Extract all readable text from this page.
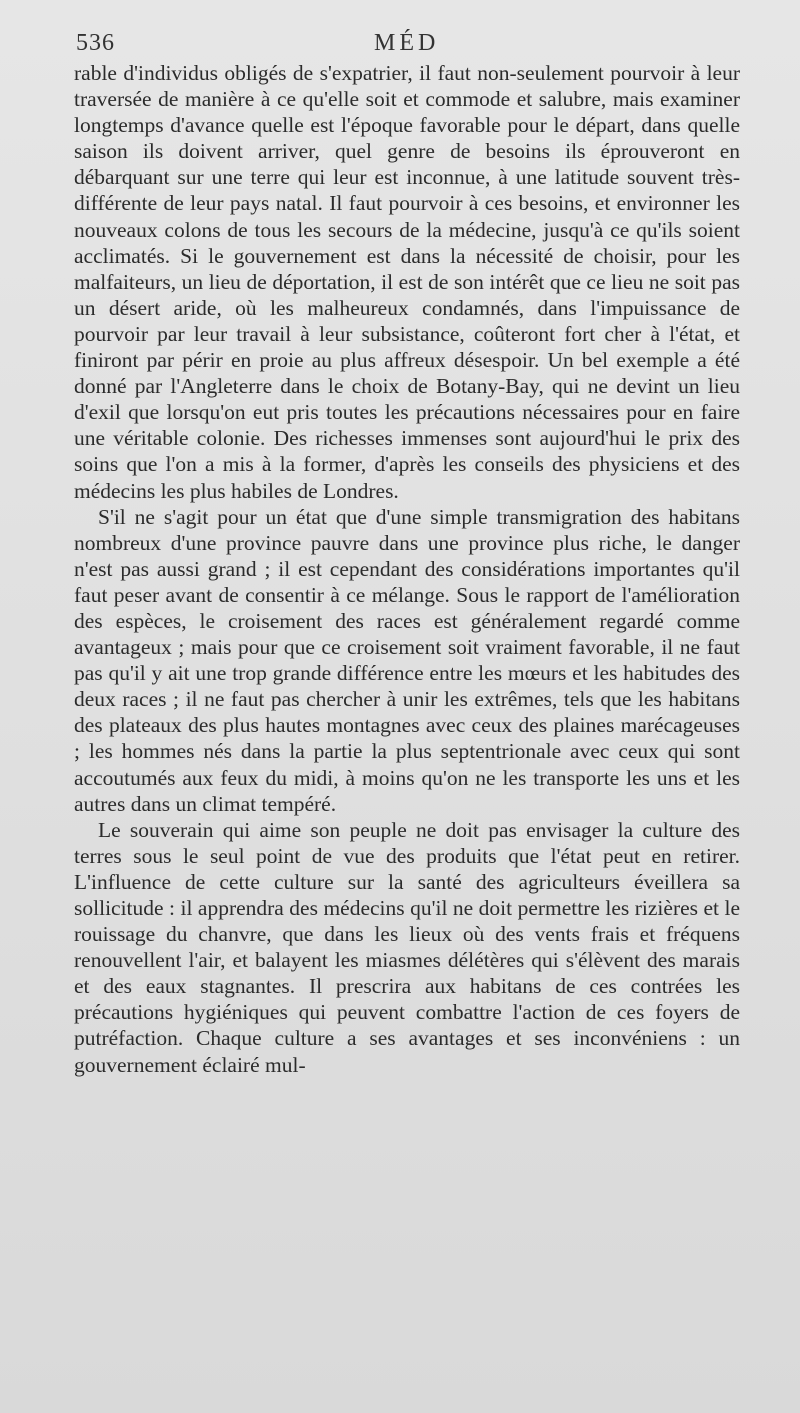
536	MÉD

rable d'individus obligés de s'expatrier, il faut non-seulement pourvoir à leur traversée de manière à ce qu'elle soit et commode et salubre, mais examiner longtemps d'avance quelle est l'époque favorable pour le départ, dans quelle saison ils doivent arriver, quel genre de besoins ils éprouveront en débarquant sur une terre qui leur est inconnue, à une latitude souvent très-différente de leur pays natal. Il faut pourvoir à ces besoins, et environner les nouveaux colons de tous les secours de la médecine, jusqu'à ce qu'ils soient acclimatés. Si le gouvernement est dans la nécessité de choisir, pour les malfaiteurs, un lieu de déportation, il est de son intérêt que ce lieu ne soit pas un désert aride, où les malheureux condamnés, dans l'impuissance de pourvoir par leur travail à leur subsistance, coûteront fort cher à l'état, et finiront par périr en proie au plus affreux désespoir. Un bel exemple a été donné par l'Angleterre dans le choix de Botany-Bay, qui ne devint un lieu d'exil que lorsqu'on eut pris toutes les précautions nécessaires pour en faire une véritable colonie. Des richesses immenses sont aujourd'hui le prix des soins que l'on a mis à la former, d'après les conseils des physiciens et des médecins les plus habiles de Londres.

S'il ne s'agit pour un état que d'une simple transmigration des habitans nombreux d'une province pauvre dans une province plus riche, le danger n'est pas aussi grand ; il est cependant des considérations importantes qu'il faut peser avant de consentir à ce mélange. Sous le rapport de l'amélioration des espèces, le croisement des races est généralement regardé comme avantageux ; mais pour que ce croisement soit vraiment favorable, il ne faut pas qu'il y ait une trop grande différence entre les mœurs et les habitudes des deux races ; il ne faut pas chercher à unir les extrêmes, tels que les habitans des plateaux des plus hautes montagnes avec ceux des plaines marécageuses ; les hommes nés dans la partie la plus septentrionale avec ceux qui sont accoutumés aux feux du midi, à moins qu'on ne les transporte les uns et les autres dans un climat tempéré.

Le souverain qui aime son peuple ne doit pas envisager la culture des terres sous le seul point de vue des produits que l'état peut en retirer. L'influence de cette culture sur la santé des agriculteurs éveillera sa sollicitude : il apprendra des médecins qu'il ne doit permettre les rizières et le rouissage du chanvre, que dans les lieux où des vents frais et fréquens renouvellent l'air, et balayent les miasmes délétères qui s'élèvent des marais et des eaux stagnantes. Il prescrira aux habitans de ces contrées les précautions hygiéniques qui peuvent combattre l'action de ces foyers de putréfaction. Chaque culture a ses avantages et ses inconvéniens : un gouvernement éclairé mul-
